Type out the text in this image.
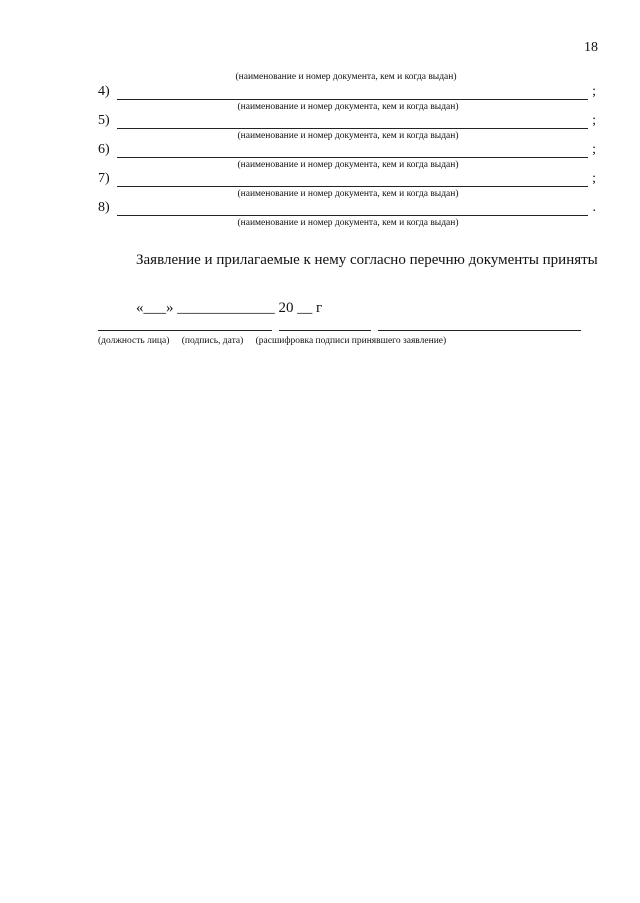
18
(наименование и номер документа, кем и когда выдан)
4)	;
(наименование и номер документа, кем и когда выдан)
5)	;
(наименование и номер документа, кем и когда выдан)
6)	;
(наименование и номер документа, кем и когда выдан)
7)	;
(наименование и номер документа, кем и когда выдан)
8)	.
(наименование и номер документа, кем и когда выдан)
Заявление и прилагаемые к нему согласно перечню документы приняты
«___» _____________ 20 __ г
(должность лица) (подпись, дата) (расшифровка подписи принявшего заявление)
